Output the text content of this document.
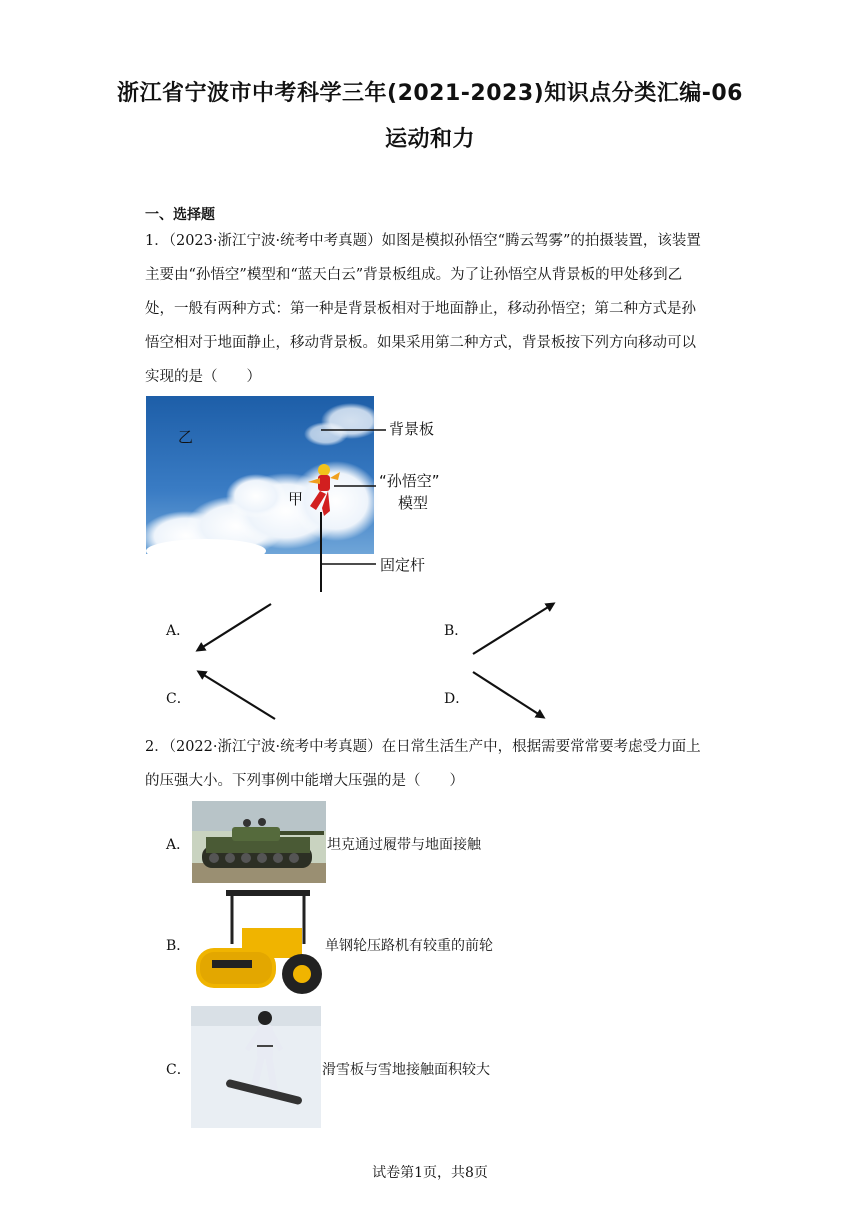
浙江省宁波市中考科学三年(2021-2023)知识点分类汇编-06
运动和力
一、选择题
1．（2023·浙江宁波·统考中考真题）如图是模拟孙悟空“腾云驾雾”的拍摄装置，该装置
主要由“孙悟空”模型和“蓝天白云”背景板组成。为了让孙悟空从背景板的甲处移到乙
处，一般有两种方式：第一种是背景板相对于地面静止，移动孙悟空；第二种方式是孙
悟空相对于地面静止，移动背景板。如果采用第二种方式，背景板按下列方向移动可以
实现的是（　　）
乙
甲
背景板
“孙悟空”
模型
固定杆
A．	B．
C．	D．
2．（2022·浙江宁波·统考中考真题）在日常生活生产中，根据需要常常要考虑受力面上
的压强大小。下列事例中能增大压强的是（　　）
A．	坦克通过履带与地面接触
B．	单钢轮压路机有较重的前轮
C．	滑雪板与雪地接触面积较大
试卷第1页，共8页
